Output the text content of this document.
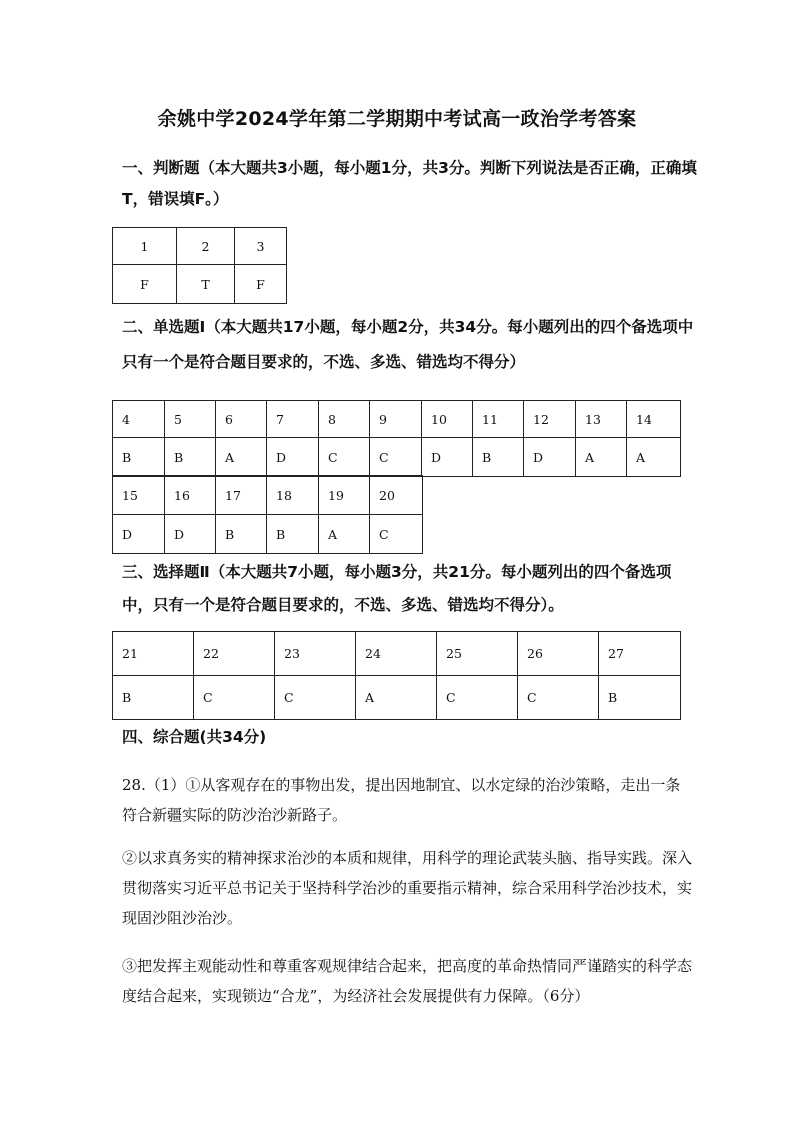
余姚中学2024学年第二学期期中考试高一政治学考答案
一、判断题（本大题共3小题，每小题1分，共3分。判断下列说法是否正确，正确填T，错误填F。）
1	2	3
F	T	F
二、单选题Ⅰ（本大题共17小题，每小题2分，共34分。每小题列出的四个备选项中只有一个是符合题目要求的，不选、多选、错选均不得分）
4	5	6	7	8	9	10	11	12	13	14
B	B	A	D	C	C	D	B	D	A	A
15	16	17	18	19	20
D	D	B	B	A	C
三、选择题Ⅱ（本大题共7小题，每小题3分，共21分。每小题列出的四个备选项中，只有一个是符合题目要求的，不选、多选、错选均不得分）。
21	22	23	24	25	26	27
B	C	C	A	C	C	B
四、综合题(共34分)
28.（1）①从客观存在的事物出发，提出因地制宜、以水定绿的治沙策略，走出一条符合新疆实际的防沙治沙新路子。
②以求真务实的精神探求治沙的本质和规律，用科学的理论武装头脑、指导实践。深入贯彻落实习近平总书记关于坚持科学治沙的重要指示精神，综合采用科学治沙技术，实现固沙阻沙治沙。
③把发挥主观能动性和尊重客观规律结合起来，把高度的革命热情同严谨踏实的科学态度结合起来，实现锁边“合龙”，为经济社会发展提供有力保障。（6分）
